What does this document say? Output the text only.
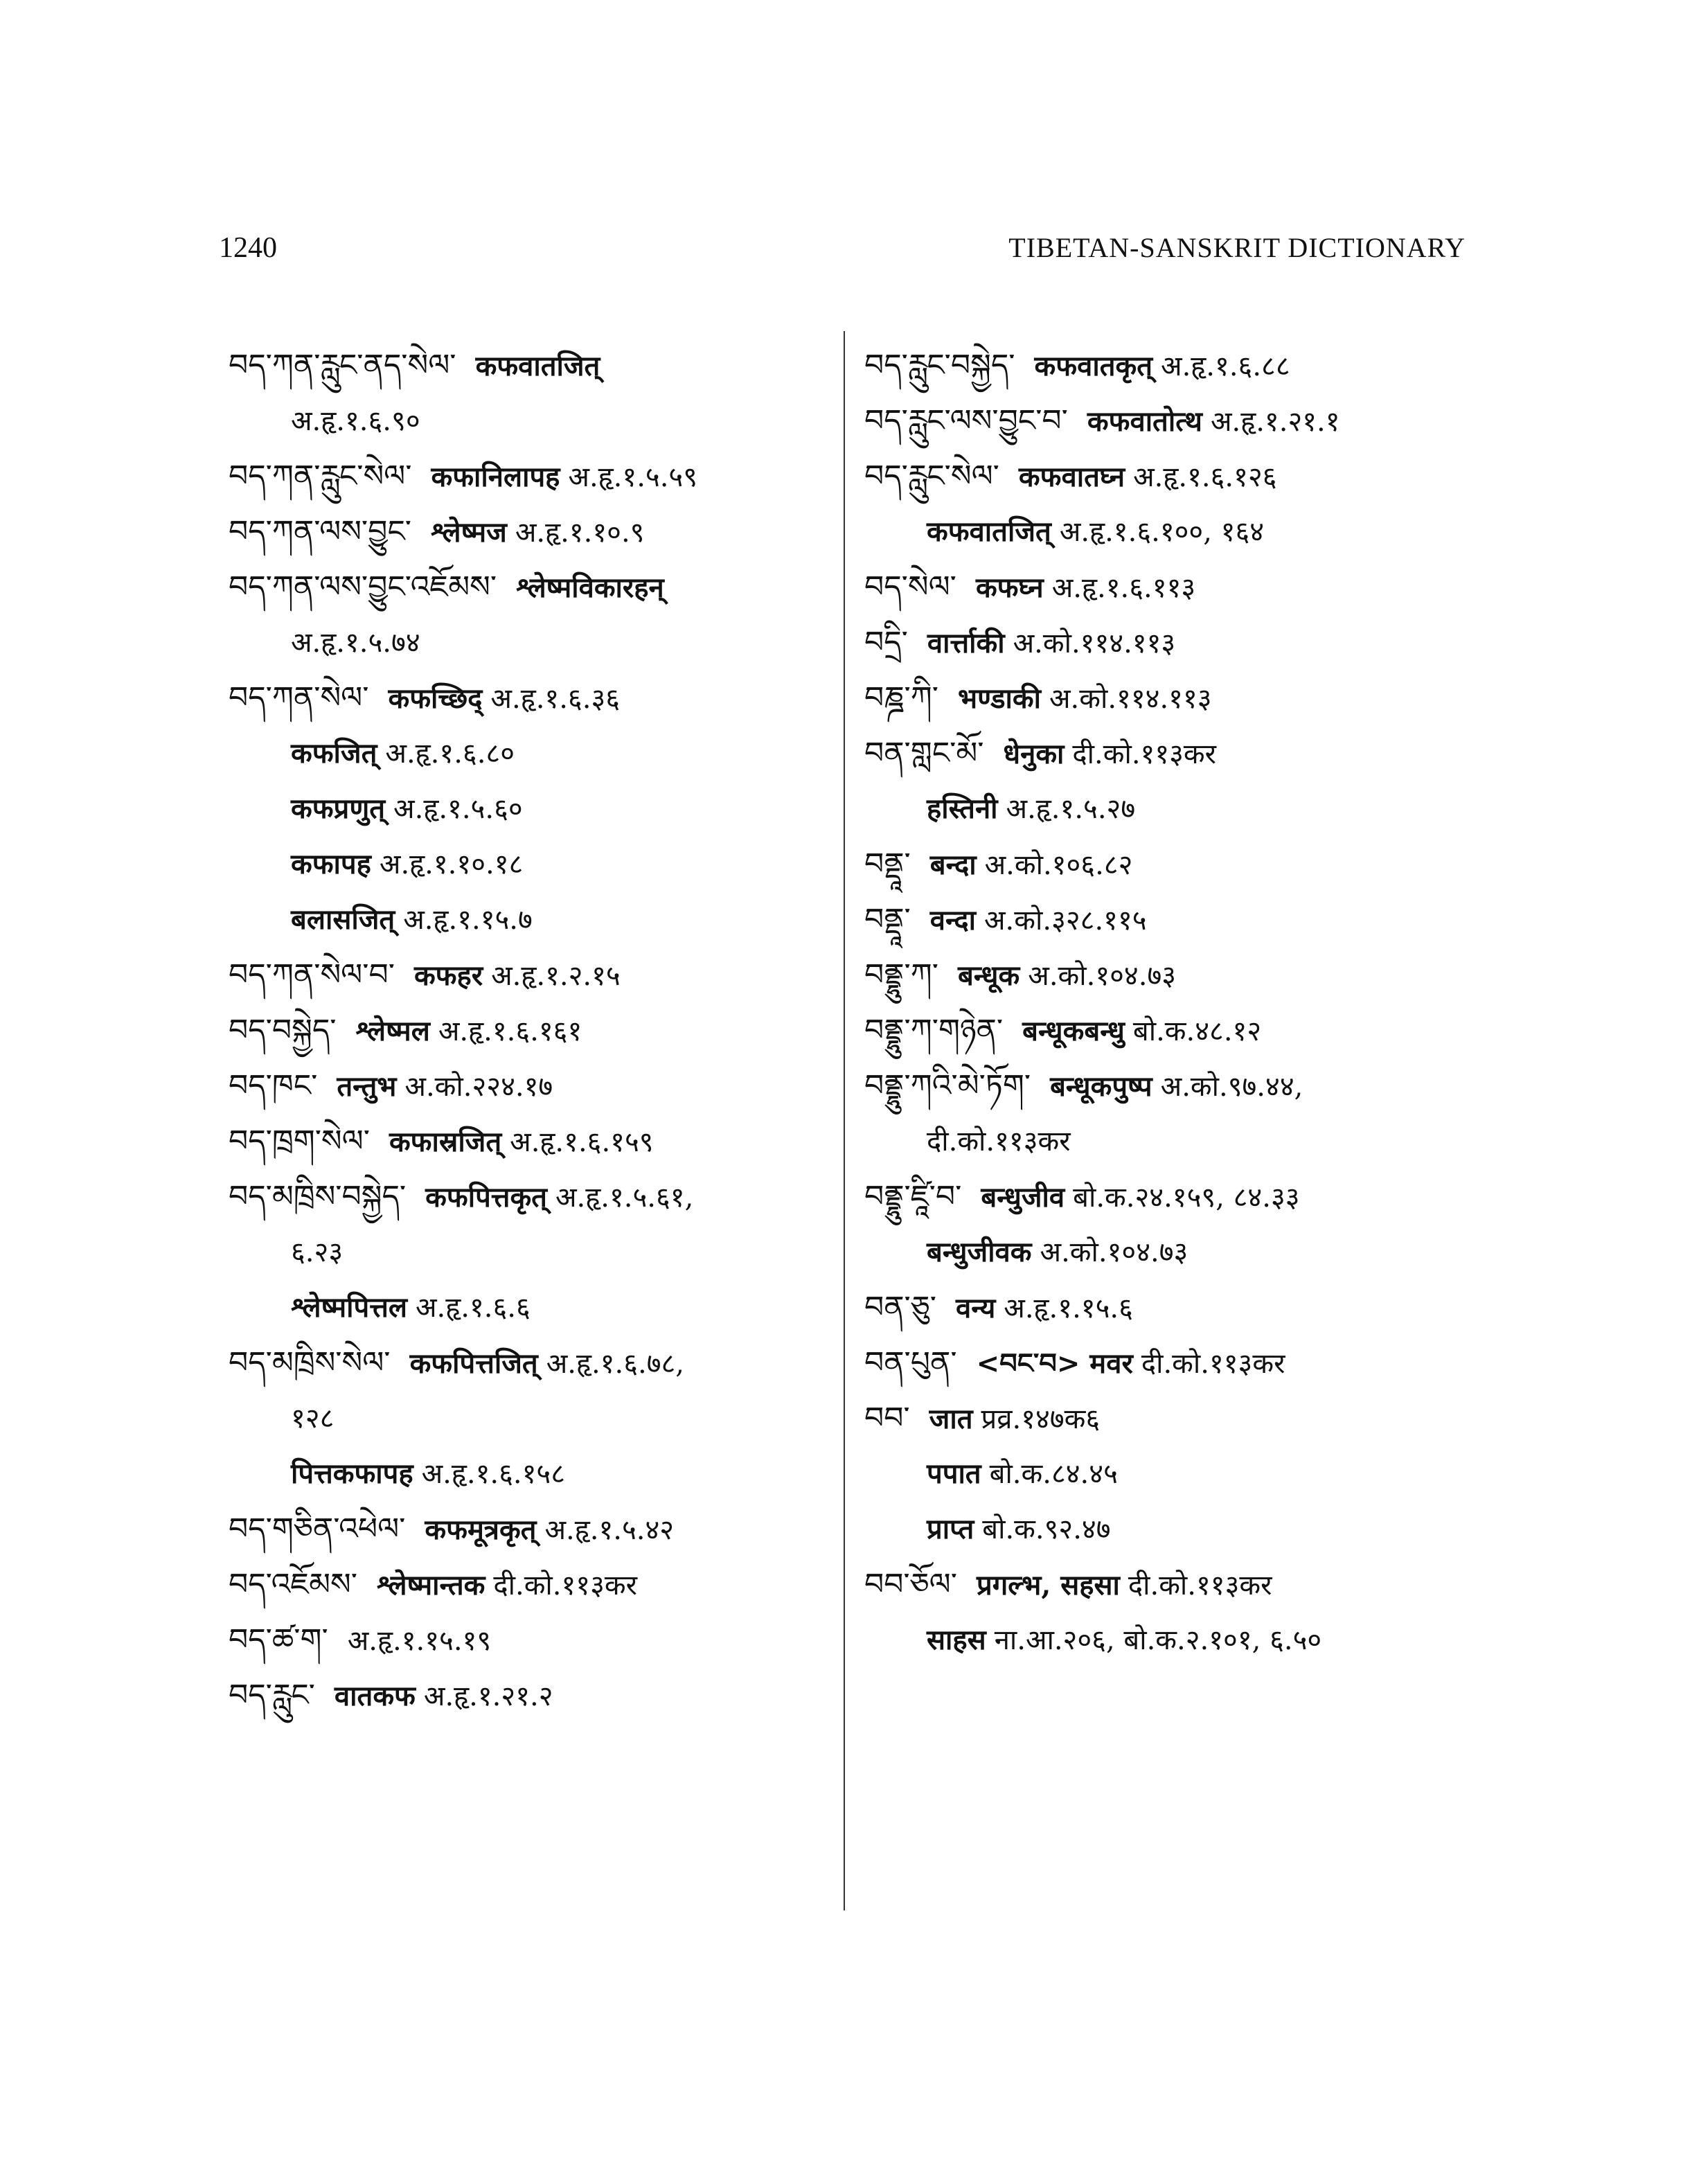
1240	TIBETAN-SANSKRIT DICTIONARY
བད་ཀན་རླུང་ནད་སེལ་ कफवातजित्
अ.हृ.१.६.९०
བད་ཀན་རླུང་སེལ་ कफानिलापह अ.हृ.१.५.५९
བད་ཀན་ལས་བྱུང་ श्लेष्मज अ.हृ.१.१०.९
བད་ཀན་ལས་བྱུང་འཇོམས་ श्लेष्मविकारहन्
अ.हृ.१.५.७४
བད་ཀན་སེལ་ कफच्छिद् अ.हृ.१.६.३६
कफजित् अ.हृ.१.६.८०
कफप्रणुत् अ.हृ.१.५.६०
कफापह अ.हृ.१.१०.१८
बलासजित् अ.हृ.१.१५.७
བད་ཀན་སེལ་བ་ कफहर अ.हृ.१.२.१५
བད་བསྐྱེད་ श्लेष्मल अ.हृ.१.६.१६१
བད་ཁང་ तन्तुभ अ.को.२२४.१७
བད་ཁྲག་སེལ་ कफास्रजित् अ.हृ.१.६.१५९
བད་མཁྲིས་བསྐྱེད་ कफपित्तकृत् अ.हृ.१.५.६१,
६.२३
श्लेष्मपित्तल अ.हृ.१.६.६
བད་མཁྲིས་སེལ་ कफपित्तजित् अ.हृ.१.६.७८,
१२८
पित्तकफापह अ.हृ.१.६.१५८
བད་གཅིན་འཕེལ་ कफमूत्रकृत् अ.हृ.१.५.४२
བད་འཇོམས་ श्लेष्मान्तक दी.को.११३कर
བད་ཚ་ག་ अ.हृ.१.१५.१९
བད་རླུང་ वातकफ अ.हृ.१.२१.२
བད་རླུང་བསྐྱེད་ कफवातकृत् अ.हृ.१.६.८८
བད་རླུང་ལས་བྱུང་བ་ कफवातोत्थ अ.हृ.१.२१.१
བད་རླུང་སེལ་ कफवातघ्न अ.हृ.१.६.१२६
कफवातजित् अ.हृ.१.६.१००, १६४
བད་སེལ་ कफघ्न अ.हृ.१.६.११३
བདྲི་ वार्त्ताकी अ.को.११४.११३
བཎྜ་ཀི་ भण्डाकी अ.को.११४.११३
བན་གླང་མོ་ धेनुका दी.को.११३कर
हस्तिनी अ.हृ.१.५.२७
བནྡཱ་ बन्दा अ.को.१०६.८२
བནྡཱ་ वन्दा अ.को.३२८.११५
བནྡྷུ་ཀ་ बन्धूक अ.को.१०४.७३
བནྡྷུ་ཀ་གཉེན་ बन्धूकबन्धु बो.क.४८.१२
བནྡྷུ་ཀའི་མེ་ཏོག་ बन्धूकपुष्प अ.को.९७.४४,
दी.को.११३कर
བནྡྷུ་ཛཱི་བ་ बन्धुजीव बो.क.२४.१५९, ८४.३३
बन्धुजीवक अ.को.१०४.७३
བན་ཅུ་ वन्य अ.हृ.१.१५.६
བན་པུན་ <བང་བ> मवर दी.को.११३कर
བབ་ जात प्रव्र.१४७क६
पपात बो.क.८४.४५
प्राप्त बो.क.९२.४७
བབ་ཅོལ་ प्रगल्भ, सहसा दी.को.११३कर
साहस ना.आ.२०६, बो.क.२.१०१, ६.५०
